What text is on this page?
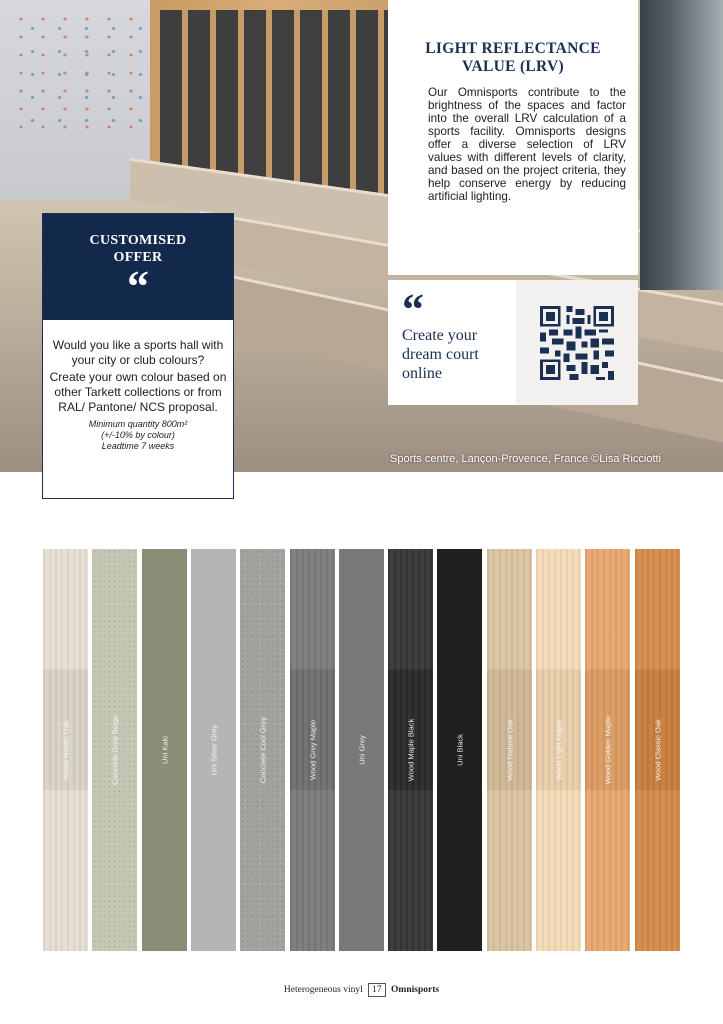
LIGHT REFLECTANCE
VALUE (LRV)

Our Omnisports contribute to the brightness of the spaces and factor into the overall LRV calculation of a sports facility. Omnisports designs offer a diverse selection of LRV values with different levels of clarity, and based on the project criteria, they help conserve energy by reducing artificial lighting.

“
Create your
dream court
online
CUSTOMISED
OFFER
“
Would you like a sports hall with your city or club colours?
Create your own colour based on other Tarkett collections or from RAL/ Pantone/ NCS proposal.
Minimum quantity 800m²
(+/-10% by colour)
Leadtime 7 weeks
Sports centre, Lançon-Provence, France ©Lisa Ricciotti
Wood Nordic Oak	Concrete Grey Beige	Uni Kaki	Uni Silver Grey	Concrete Cool Grey	Wood Grey Maple	Uni Grey	Wood Maple Black	Uni Black	Wood Natural Oak	Wood Light Maple	Wood Golden Maple	Wood Classic Oak
Heterogeneous vinyl 17 Omnisports
